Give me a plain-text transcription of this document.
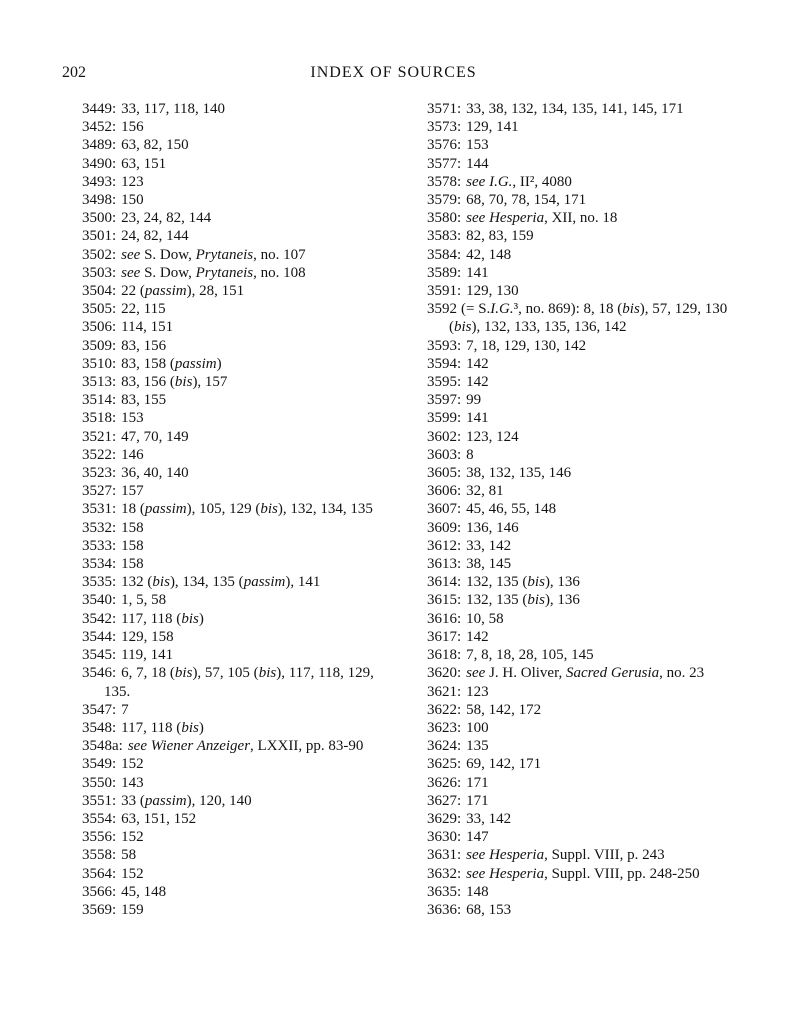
202	INDEX OF SOURCES
3449: 33, 117, 118, 140
3452: 156
3489: 63, 82, 150
3490: 63, 151
3493: 123
3498: 150
3500: 23, 24, 82, 144
3501: 24, 82, 144
3502: see S. Dow, Prytaneis, no. 107
3503: see S. Dow, Prytaneis, no. 108
3504: 22 (passim), 28, 151
3505: 22, 115
3506: 114, 151
3509: 83, 156
3510: 83, 158 (passim)
3513: 83, 156 (bis), 157
3514: 83, 155
3518: 153
3521: 47, 70, 149
3522: 146
3523: 36, 40, 140
3527: 157
3531: 18 (passim), 105, 129 (bis), 132, 134, 135
3532: 158
3533: 158
3534: 158
3535: 132 (bis), 134, 135 (passim), 141
3540: 1, 5, 58
3542: 117, 118 (bis)
3544: 129, 158
3545: 119, 141
3546: 6, 7, 18 (bis), 57, 105 (bis), 117, 118, 129, 135.
3547: 7
3548: 117, 118 (bis)
3548a: see Wiener Anzeiger, LXXII, pp. 83-90
3549: 152
3550: 143
3551: 33 (passim), 120, 140
3554: 63, 151, 152
3556: 152
3558: 58
3564: 152
3566: 45, 148
3569: 159
3571: 33, 38, 132, 134, 135, 141, 145, 171
3573: 129, 141
3576: 153
3577: 144
3578: see I.G., II², 4080
3579: 68, 70, 78, 154, 171
3580: see Hesperia, XII, no. 18
3583: 82, 83, 159
3584: 42, 148
3589: 141
3591: 129, 130
3592 (= S.I.G.³, no. 869): 8, 18 (bis), 57, 129, 130 (bis), 132, 133, 135, 136, 142
3593: 7, 18, 129, 130, 142
3594: 142
3595: 142
3597: 99
3599: 141
3602: 123, 124
3603: 8
3605: 38, 132, 135, 146
3606: 32, 81
3607: 45, 46, 55, 148
3609: 136, 146
3612: 33, 142
3613: 38, 145
3614: 132, 135 (bis), 136
3615: 132, 135 (bis), 136
3616: 10, 58
3617: 142
3618: 7, 8, 18, 28, 105, 145
3620: see J. H. Oliver, Sacred Gerusia, no. 23
3621: 123
3622: 58, 142, 172
3623: 100
3624: 135
3625: 69, 142, 171
3626: 171
3627: 171
3629: 33, 142
3630: 147
3631: see Hesperia, Suppl. VIII, p. 243
3632: see Hesperia, Suppl. VIII, pp. 248-250
3635: 148
3636: 68, 153
